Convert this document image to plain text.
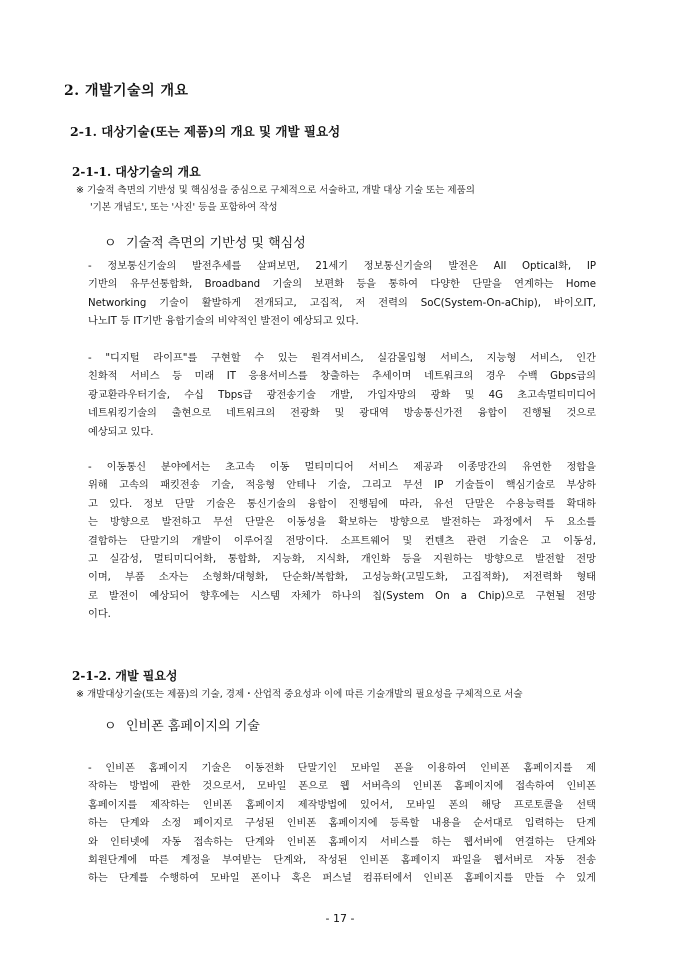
2. 개발기술의 개요
2-1. 대상기술(또는 제품)의 개요 및 개발 필요성
2-1-1. 대상기술의 개요
※ 기술적 측면의 기반성 및 핵심성을 중심으로 구체적으로 서술하고, 개발 대상 기술 또는 제품의
'기본 개념도', 또는 '사진' 등을 포함하여 작성
ㅇ 기술적 측면의 기반성 및 핵심성
- 정보통신기술의 발전추세를 살펴보면, 21세기 정보통신기술의 발전은 All Optical화, IP
기반의 유무선통합화, Broadband 기술의 보편화 등을 통하여 다양한 단말을 연계하는 Home
Networking 기술이 활발하게 전개되고, 고집적, 저 전력의 SoC(System-On-aChip), 바이오IT,
나노IT 등 IT기반 융합기술의 비약적인 발전이 예상되고 있다.
- "디지털 라이프"를 구현할 수 있는 원격서비스, 실감몰입형 서비스, 지능형 서비스, 인간
친화적 서비스 등 미래 IT 응용서비스를 창출하는 추세이며 네트워크의 경우 수백 Gbps급의
광교환라우터기술, 수십 Tbps급 광전송기술 개발, 가입자망의 광화 및 4G 초고속멀티미디어
네트워킹기술의 출현으로 네트워크의 전광화 및 광대역 방송통신가전 융합이 진행될 것으로
예상되고 있다.
- 이동통신 분야에서는 초고속 이동 멀티미디어 서비스 제공과 이종망간의 유연한 정합을
위해 고속의 패킷전송 기술, 적응형 안테나 기술, 그리고 무선 IP 기술들이 핵심기술로 부상하
고 있다. 정보 단말 기술은 통신기술의 융합이 진행됨에 따라, 유선 단말은 수용능력를 확대하
는 방향으로 발전하고 무선 단말은 이동성을 확보하는 방향으로 발전하는 과정에서 두 요소를
결합하는 단말기의 개발이 이루어질 전망이다. 소프트웨어 및 컨텐츠 관련 기술은 고 이동성,
고 실감성, 멀티미디어화, 통합화, 지능화, 지식화, 개인화 등을 지원하는 방향으로 발전할 전망
이며, 부품 소자는 소형화/대형화, 단순화/복합화, 고성능화(고밀도화, 고집적화), 저전력화 형태
로 발전이 예상되어 향후에는 시스템 자체가 하나의 칩(System On a Chip)으로 구현될 전망
이다.
2-1-2. 개발 필요성
※ 개발대상기술(또는 제품)의 기술, 경제・산업적 중요성과 이에 따른 기술개발의 필요성을 구체적으로 서술
ㅇ 인비폰 홈페이지의 기술
- 인비폰 홈페이지 기술은 이동전화 단말기인 모바일 폰을 이용하여 인비폰 홈페이지를 제
작하는 방법에 관한 것으로서, 모바일 폰으로 웹 서버측의 인비폰 홈페이지에 접속하여 인비폰
홈페이지를 제작하는 인비폰 홈페이지 제작방법에 있어서, 모바일 폰의 해당 프로토콜을 선택
하는 단계와 소정 페이지로 구성된 인비폰 홈페이지에 등록할 내용을 순서대로 입력하는 단계
와 인터넷에 자동 접속하는 단계와 인비폰 홈페이지 서비스를 하는 웹서버에 연결하는 단계와
회원단계에 따른 계정을 부여받는 단계와, 작성된 인비폰 홈페이지 파일을 웹서버로 자동 전송
하는 단계를 수행하여 모바일 폰이나 혹은 퍼스널 컴퓨터에서 인비폰 홈페이지를 만들 수 있게
- 17 -
